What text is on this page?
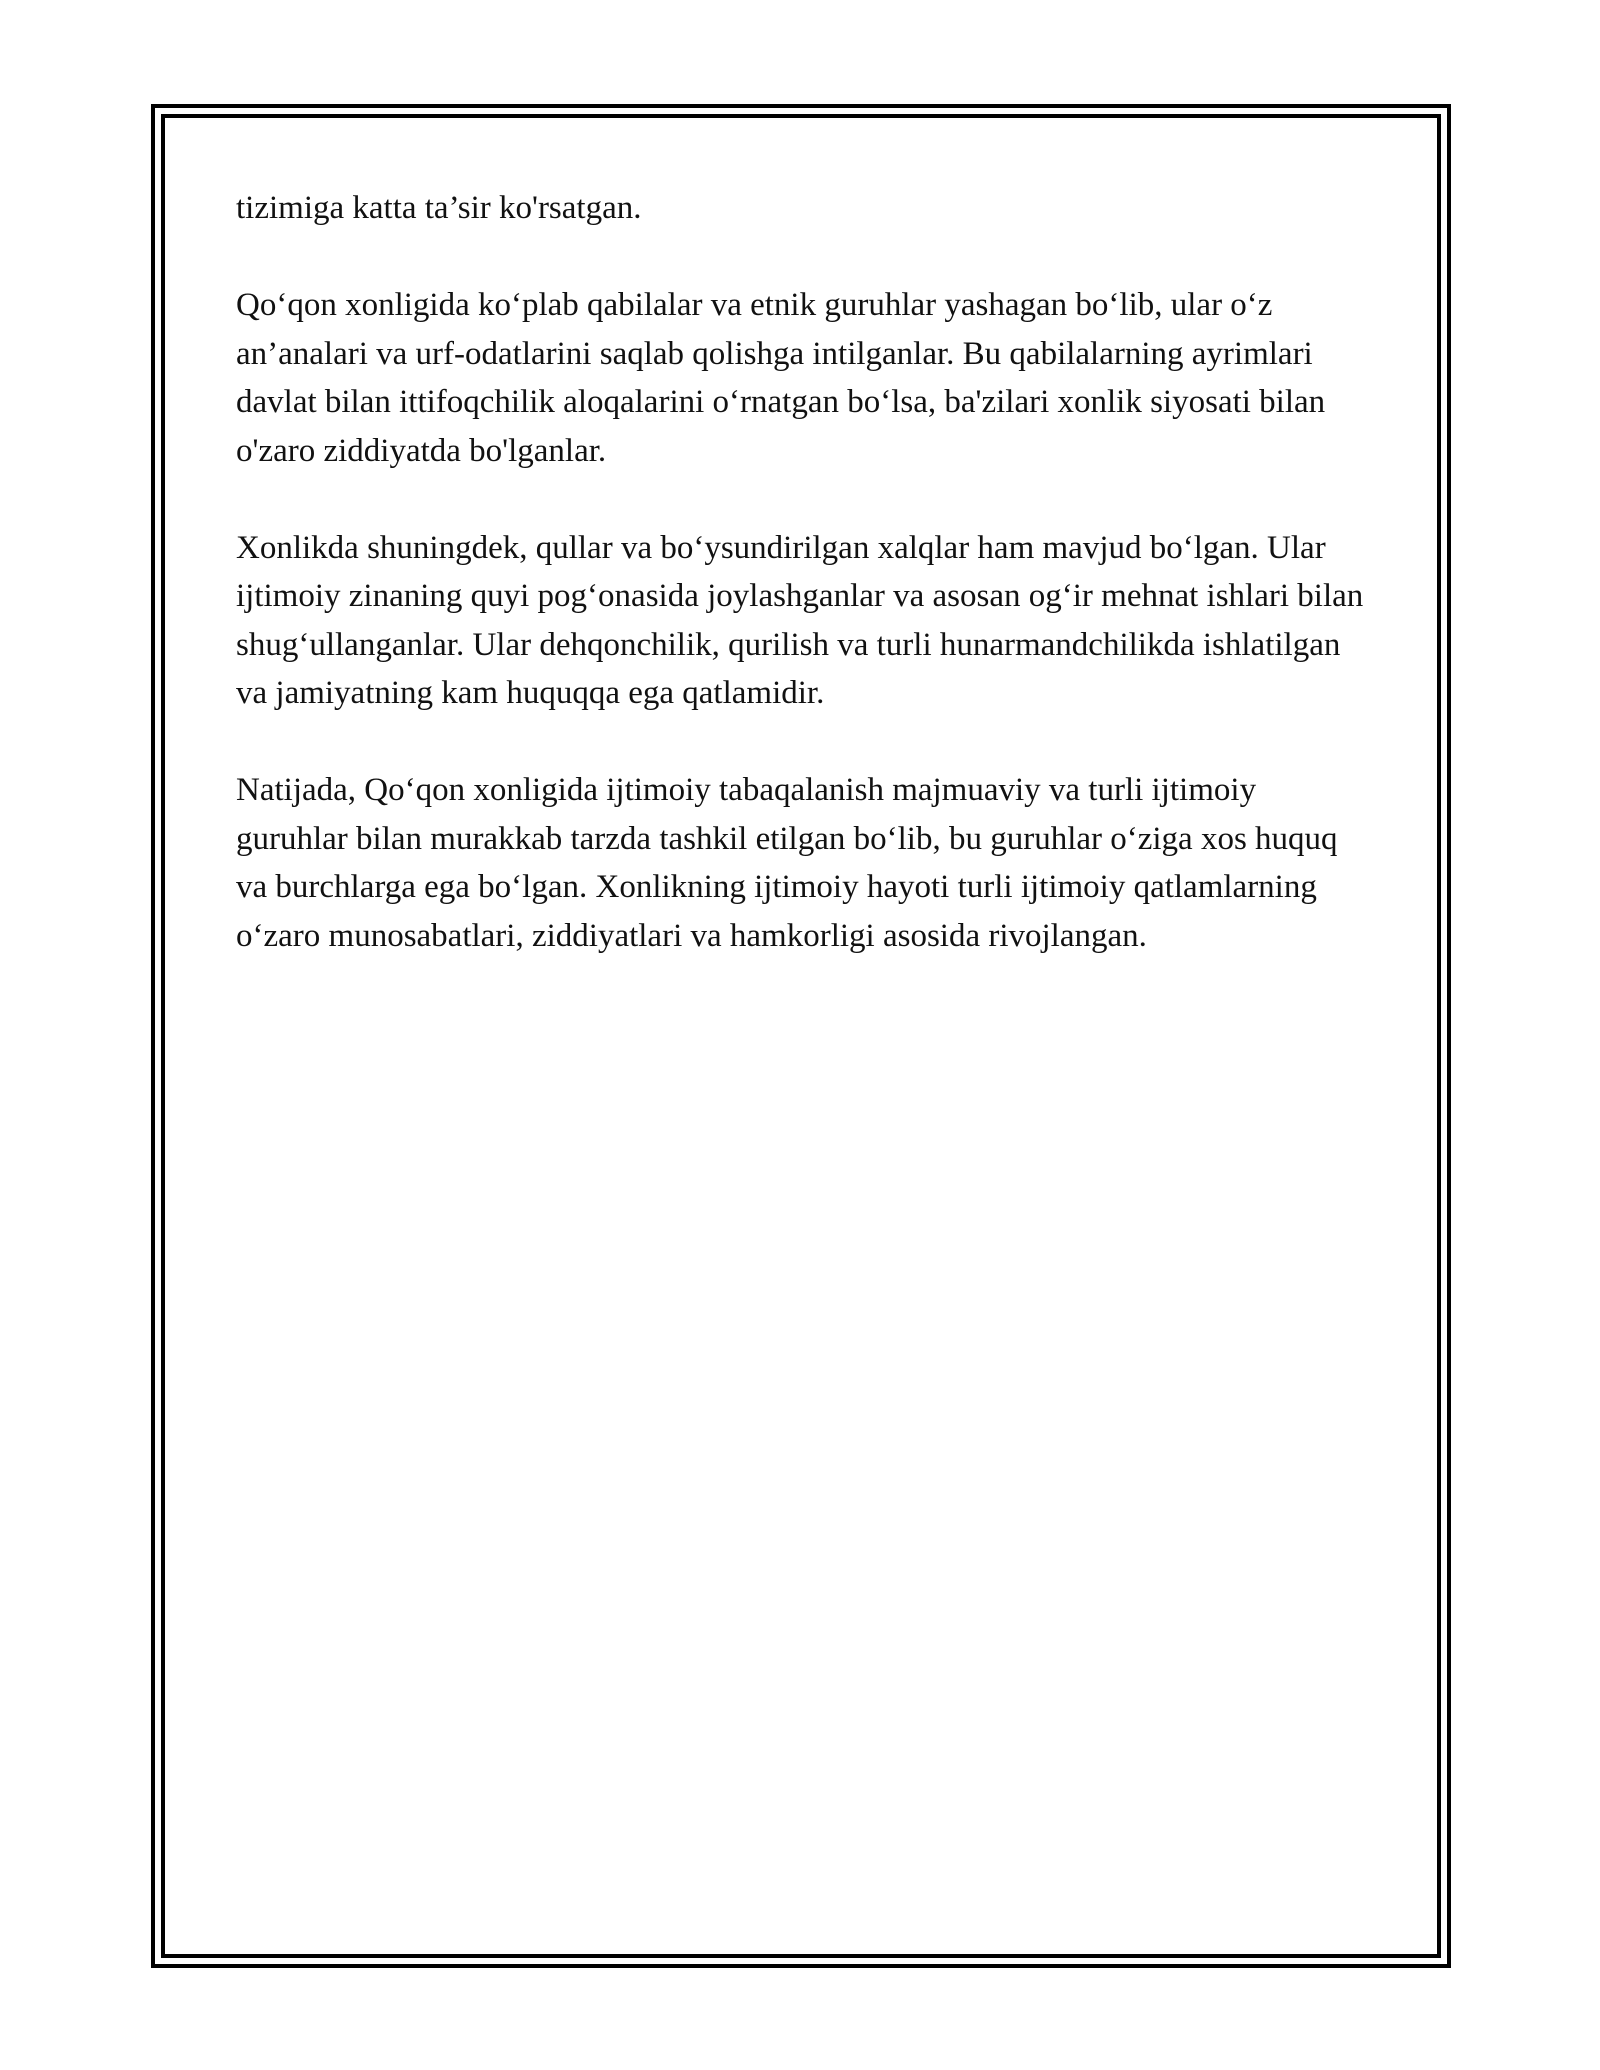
tizimiga katta ta’sir ko'rsatgan.

Qo‘qon xonligida ko‘plab qabilalar va etnik guruhlar yashagan bo‘lib, ular o‘z an’analari va urf-odatlarini saqlab qolishga intilganlar. Bu qabilalarning ayrimlari davlat bilan ittifoqchilik aloqalarini o‘rnatgan bo‘lsa, ba'zilari xonlik siyosati bilan o'zaro ziddiyatda bo'lganlar.

Xonlikda shuningdek, qullar va bo‘ysundirilgan xalqlar ham mavjud bo‘lgan. Ular ijtimoiy zinaning quyi pog‘onasida joylashganlar va asosan og‘ir mehnat ishlari bilan shug‘ullanganlar. Ular dehqonchilik, qurilish va turli hunarmandchilikda ishlatilgan va jamiyatning kam huquqqa ega qatlamidir.

Natijada, Qo‘qon xonligida ijtimoiy tabaqalanish majmuaviy va turli ijtimoiy guruhlar bilan murakkab tarzda tashkil etilgan bo‘lib, bu guruhlar o‘ziga xos huquq va burchlarga ega bo‘lgan. Xonlikning ijtimoiy hayoti turli ijtimoiy qatlamlarning o‘zaro munosabatlari, ziddiyatlari va hamkorligi asosida rivojlangan.
